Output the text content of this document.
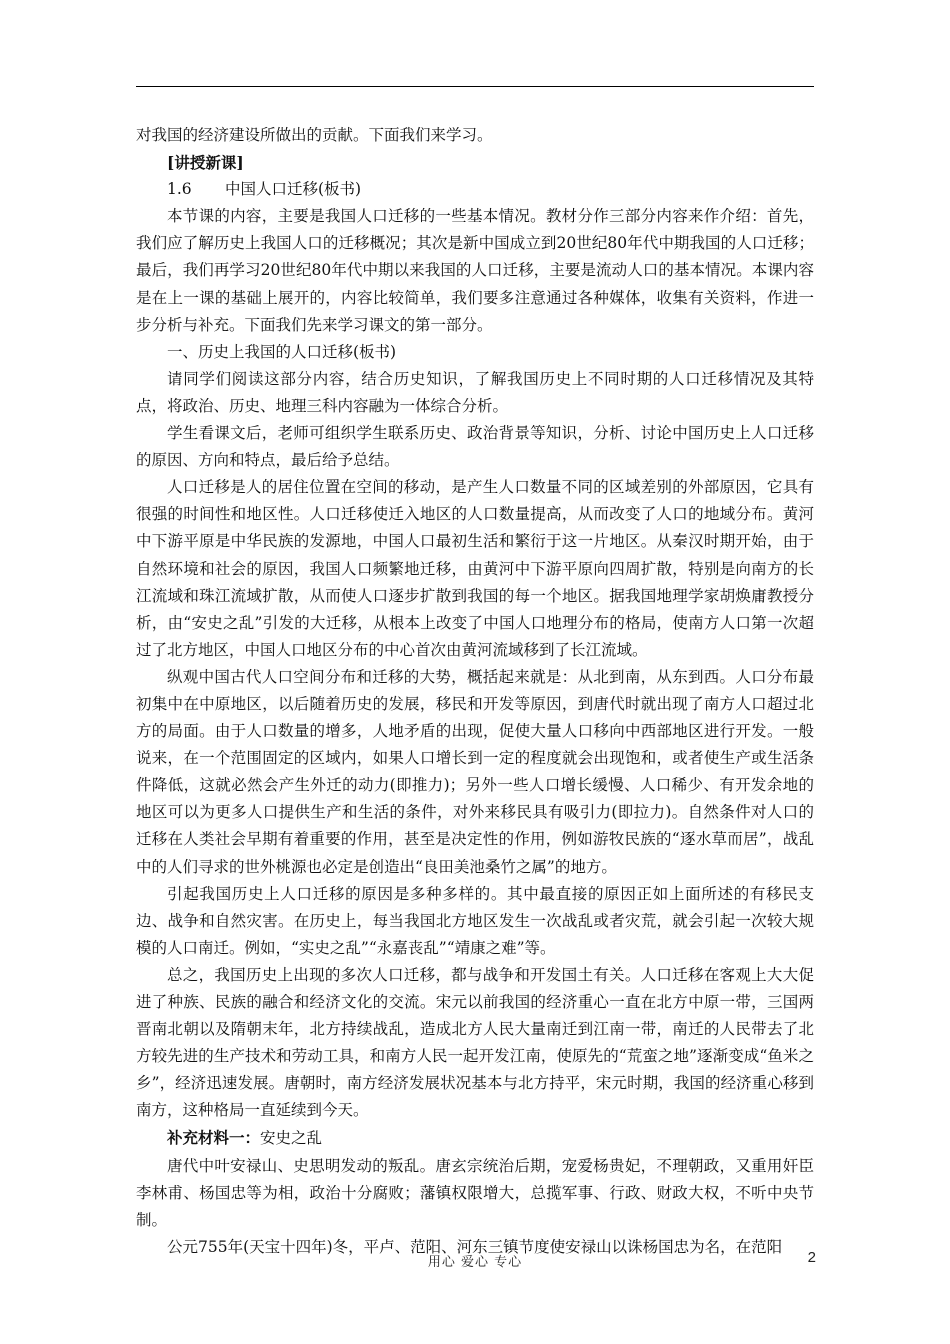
对我国的经济建设所做出的贡献。下面我们来学习。

[讲授新课]

1.6 中国人口迁移(板书)

本节课的内容，主要是我国人口迁移的一些基本情况。教材分作三部分内容来作介绍：首先，我们应了解历史上我国人口的迁移概况；其次是新中国成立到20世纪80年代中期我国的人口迁移；最后，我们再学习20世纪80年代中期以来我国的人口迁移，主要是流动人口的基本情况。本课内容是在上一课的基础上展开的，内容比较简单，我们要多注意通过各种媒体，收集有关资料，作进一步分析与补充。下面我们先来学习课文的第一部分。

一、历史上我国的人口迁移(板书)

请同学们阅读这部分内容，结合历史知识，了解我国历史上不同时期的人口迁移情况及其特点，将政治、历史、地理三科内容融为一体综合分析。

学生看课文后，老师可组织学生联系历史、政治背景等知识，分析、讨论中国历史上人口迁移的原因、方向和特点，最后给予总结。

人口迁移是人的居住位置在空间的移动，是产生人口数量不同的区域差别的外部原因，它具有很强的时间性和地区性。人口迁移使迁入地区的人口数量提高，从而改变了人口的地域分布。黄河中下游平原是中华民族的发源地，中国人口最初生活和繁衍于这一片地区。从秦汉时期开始，由于自然环境和社会的原因，我国人口频繁地迁移，由黄河中下游平原向四周扩散，特别是向南方的长江流域和珠江流域扩散，从而使人口逐步扩散到我国的每一个地区。据我国地理学家胡焕庸教授分析，由“安史之乱”引发的大迁移，从根本上改变了中国人口地理分布的格局，使南方人口第一次超过了北方地区，中国人口地区分布的中心首次由黄河流域移到了长江流域。

纵观中国古代人口空间分布和迁移的大势，概括起来就是：从北到南，从东到西。人口分布最初集中在中原地区，以后随着历史的发展，移民和开发等原因，到唐代时就出现了南方人口超过北方的局面。由于人口数量的增多，人地矛盾的出现，促使大量人口移向中西部地区进行开发。一般说来，在一个范围固定的区域内，如果人口增长到一定的程度就会出现饱和，或者使生产或生活条件降低，这就必然会产生外迁的动力(即推力)；另外一些人口增长缓慢、人口稀少、有开发余地的地区可以为更多人口提供生产和生活的条件，对外来移民具有吸引力(即拉力)。自然条件对人口的迁移在人类社会早期有着重要的作用，甚至是决定性的作用，例如游牧民族的“逐水草而居”，战乱中的人们寻求的世外桃源也必定是创造出“良田美池桑竹之属”的地方。

引起我国历史上人口迁移的原因是多种多样的。其中最直接的原因正如上面所述的有移民支边、战争和自然灾害。在历史上，每当我国北方地区发生一次战乱或者灾荒，就会引起一次较大规模的人口南迁。例如，“实史之乱”“永嘉丧乱”“靖康之难”等。

总之，我国历史上出现的多次人口迁移，都与战争和开发国土有关。人口迁移在客观上大大促进了种族、民族的融合和经济文化的交流。宋元以前我国的经济重心一直在北方中原一带，三国两晋南北朝以及隋朝末年，北方持续战乱，造成北方人民大量南迁到江南一带，南迁的人民带去了北方较先进的生产技术和劳动工具，和南方人民一起开发江南，使原先的“荒蛮之地”逐渐变成“鱼米之乡”，经济迅速发展。唐朝时，南方经济发展状况基本与北方持平，宋元时期，我国的经济重心移到南方，这种格局一直延续到今天。

补充材料一：安史之乱

唐代中叶安禄山、史思明发动的叛乱。唐玄宗统治后期，宠爱杨贵妃，不理朝政，又重用奸臣李林甫、杨国忠等为相，政治十分腐败；藩镇权限增大，总揽军事、行政、财政大权，不听中央节制。

公元755年(天宝十四年)冬，平卢、范阳、河东三镇节度使安禄山以诛杨国忠为名，在范阳

用心 爱心 专心	2
